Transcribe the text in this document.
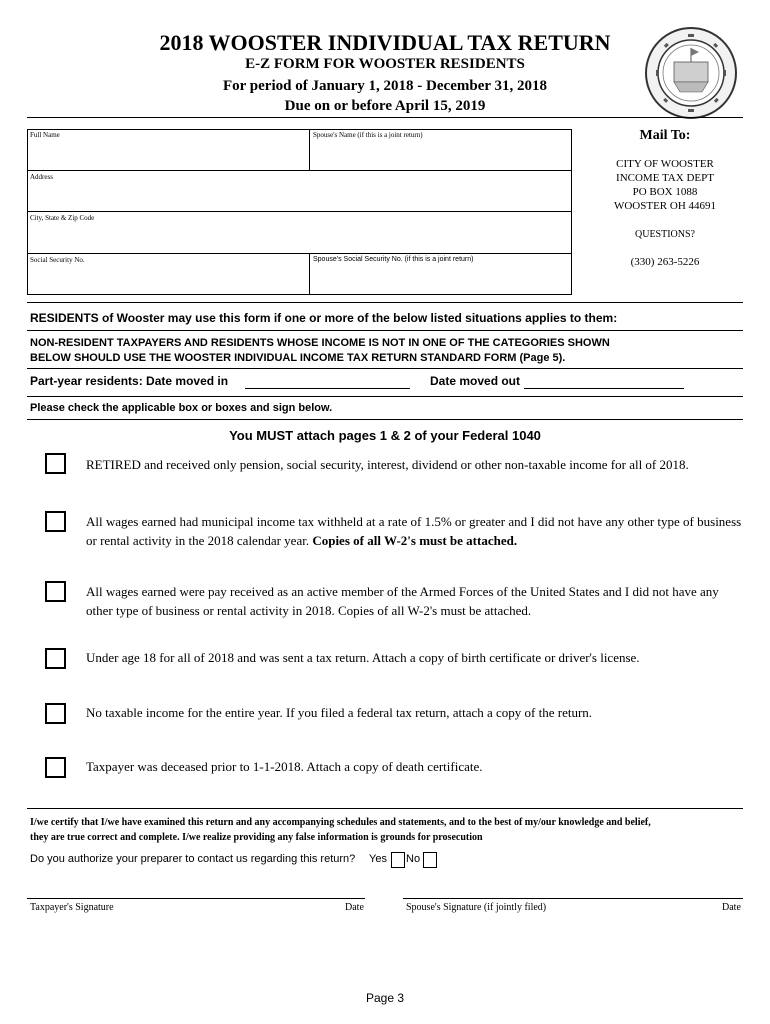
2018 WOOSTER INDIVIDUAL TAX RETURN
E-Z FORM FOR WOOSTER RESIDENTS
For period of January 1, 2018 - December 31, 2018
Due on or before April 15, 2019
Full Name	Spouse's Name (if this is a joint return)
Address
City, State & Zip Code
Social Security No.	Spouse's Social Security No. (if this is a joint return)
Mail To:
CITY OF WOOSTER
INCOME TAX DEPT
PO BOX 1088
WOOSTER OH 44691
QUESTIONS?
(330) 263-5226
RESIDENTS of Wooster may use this form if one or more of the below listed situations applies to them:
NON-RESIDENT TAXPAYERS AND RESIDENTS WHOSE INCOME IS NOT IN ONE OF THE CATEGORIES SHOWN
BELOW SHOULD USE THE WOOSTER INDIVIDUAL INCOME TAX RETURN STANDARD FORM (Page 5).
Part-year residents: Date moved in	Date moved out
Please check the applicable box or boxes and sign below.
You MUST attach pages 1 & 2 of your Federal 1040
RETIRED and received only pension, social security, interest, dividend or other non-taxable income for all of 2018.
All wages earned had municipal income tax withheld at a rate of 1.5% or greater and I did not have any other type of business or rental activity in the 2018 calendar year. Copies of all W-2's must be attached.
All wages earned were pay received as an active member of the Armed Forces of the United States and I did not have any other type of business or rental activity in 2018. Copies of all W-2's must be attached.
Under age 18 for all of 2018 and was sent a tax return. Attach a copy of birth certificate or driver's license.
No taxable income for the entire year. If you filed a federal tax return, attach a copy of the return.
Taxpayer was deceased prior to 1-1-2018. Attach a copy of death certificate.
I/we certify that I/we have examined this return and any accompanying schedules and statements, and to the best of my/our knowledge and belief,
they are true correct and complete. I/we realize providing any false information is grounds for prosecution
Do you authorize your preparer to contact us regarding this return? Yes No
Taxpayer's Signature	Date	Spouse's Signature (if jointly filed)	Date
Page 3
